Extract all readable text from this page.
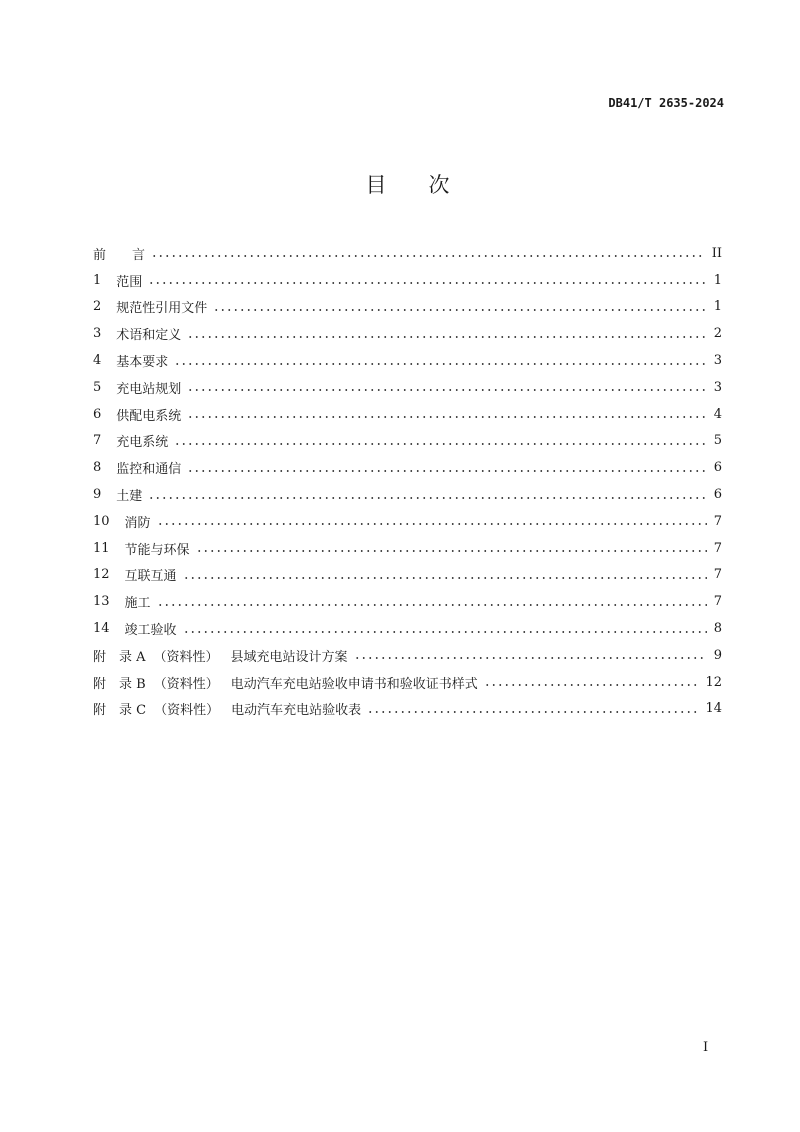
DB41/T 2635-2024
目　　次
前　　言	II
1 范围	1
2 规范性引用文件	1
3 术语和定义	2
4 基本要求	3
5 充电站规划	3
6 供配电系统	4
7 充电系统	5
8 监控和通信	6
9 土建	6
10 消防	7
11 节能与环保	7
12 互联互通	7
13 施工	7
14 竣工验收	8
附　录 A （资料性） 县域充电站设计方案	9
附　录 B （资料性） 电动汽车充电站验收申请书和验收证书样式	12
附　录 C （资料性） 电动汽车充电站验收表	14
I
